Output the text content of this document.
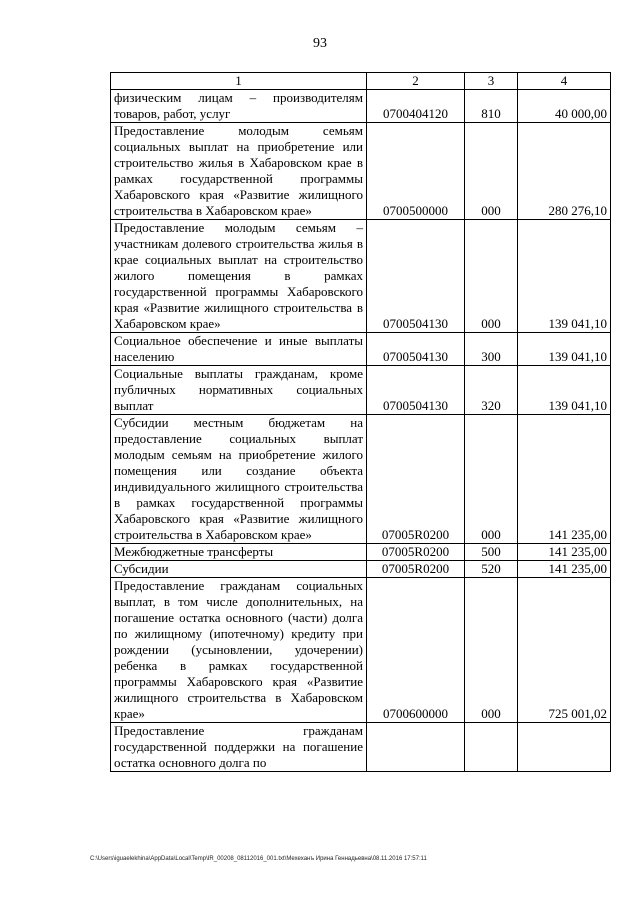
93
1	2	3	4
физическим лицам – производителям товаров, работ, услуг	0700404120	810	40 000,00
Предоставление молодым семьям социальных выплат на приобретение или строительство жилья в Хабаровском крае в рамках государственной программы Хабаровского края «Развитие жилищного строительства в Хабаровском крае»	0700500000	000	280 276,10
Предоставление молодым семьям – участникам долевого строительства жилья в крае социальных выплат на строительство жилого помещения в рамках государственной программы Хабаровского края «Развитие жилищного строительства в Хабаровском крае»	0700504130	000	139 041,10
Социальное обеспечение и иные выплаты населению	0700504130	300	139 041,10
Социальные выплаты гражданам, кроме публичных нормативных социальных выплат	0700504130	320	139 041,10
Субсидии местным бюджетам на предоставление социальных выплат молодым семьям на приобретение жилого помещения или создание объекта индивидуального жилищного строительства в рамках государственной программы Хабаровского края «Развитие жилищного строительства в Хабаровском крае»	07005R0200	000	141 235,00
Межбюджетные трансферты	07005R0200	500	141 235,00
Субсидии	07005R0200	520	141 235,00
Предоставление гражданам социальных выплат, в том числе дополнительных, на погашение остатка основного (части) долга по жилищному (ипотечному) кредиту при рождении (усыновлении, удочерении) ребенка в рамках государственной программы Хабаровского края «Развитие жилищного строительства в Хабаровском крае»	0700600000	000	725 001,02
Предоставление гражданам государственной поддержки на погашение остатка основного долга по			
C:\Users\iguaelekhina\AppData\Local\Temp\IR_00208_08112016_001.txt\Мехеханъ Ирина Геннадьевна\08.11.2016 17:57:11
